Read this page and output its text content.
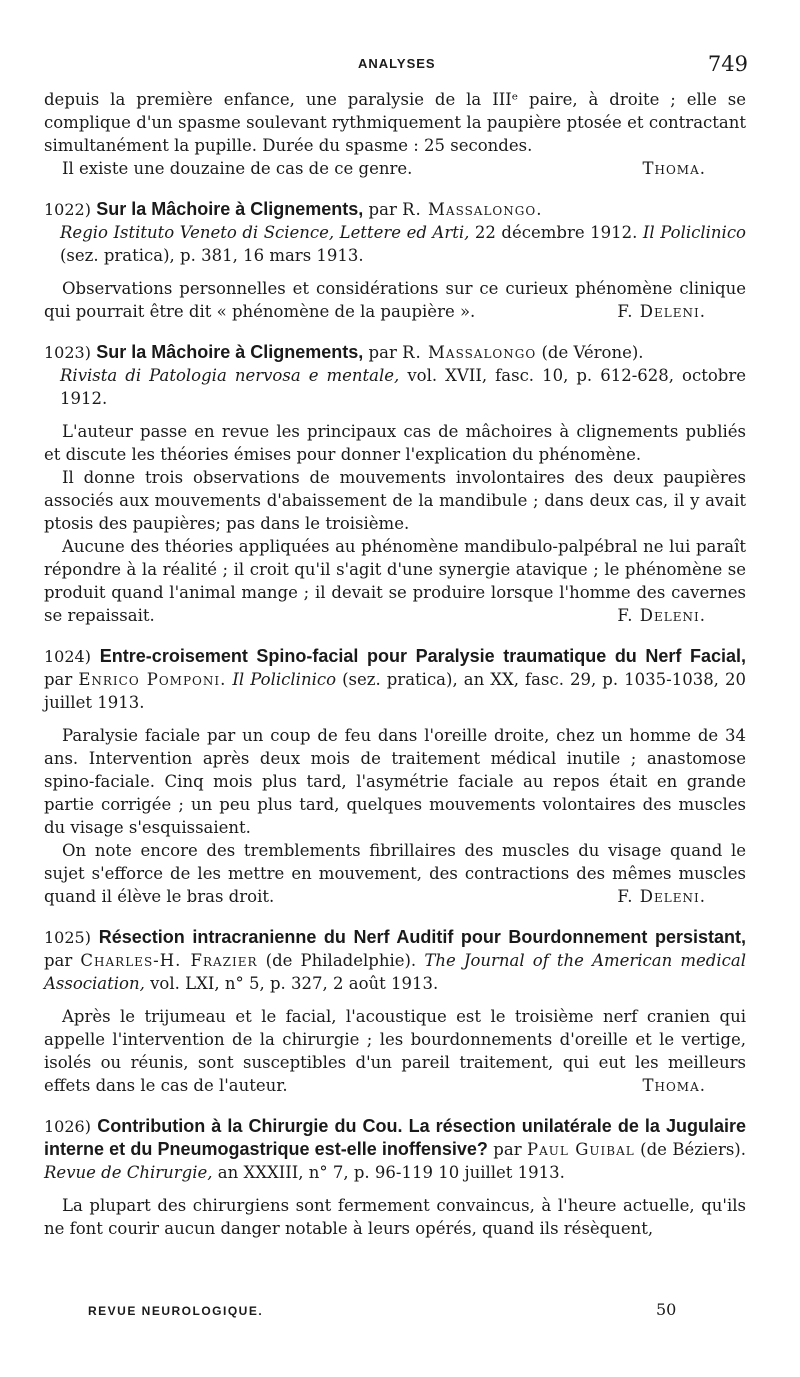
ANALYSES	749

depuis la première enfance, une paralysie de la IIIᵉ paire, à droite ; elle se complique d'un spasme soulevant rythmiquement la paupière ptosée et contractant simultanément la pupille. Durée du spasme : 25 secondes.

Il existe une douzaine de cas de ce genre.	Thoma.

1022) Sur la Mâchoire à Clignements, par R. Massalongo.
Regio Istituto Veneto di Science, Lettere ed Arti, 22 décembre 1912. Il Policlinico (sez. pratica), p. 381, 16 mars 1913.

Observations personnelles et considérations sur ce curieux phénomène clinique qui pourrait être dit « phénomène de la paupière ».	F. Deleni.

1023) Sur la Mâchoire à Clignements, par R. Massalongo (de Vérone).
Rivista di Patologia nervosa e mentale, vol. XVII, fasc. 10, p. 612-628, octobre 1912.

L'auteur passe en revue les principaux cas de mâchoires à clignements publiés et discute les théories émises pour donner l'explication du phénomène.

Il donne trois observations de mouvements involontaires des deux paupières associés aux mouvements d'abaissement de la mandibule ; dans deux cas, il y avait ptosis des paupières; pas dans le troisième.

Aucune des théories appliquées au phénomène mandibulo-palpébral ne lui paraît répondre à la réalité ; il croit qu'il s'agit d'une synergie atavique ; le phénomène se produit quand l'animal mange ; il devait se produire lorsque l'homme des cavernes se repaissait.	F. Deleni.

1024) Entre-croisement Spino-facial pour Paralysie traumatique du Nerf Facial, par Enrico Pomponi. Il Policlinico (sez. pratica), an XX, fasc. 29, p. 1035-1038, 20 juillet 1913.

Paralysie faciale par un coup de feu dans l'oreille droite, chez un homme de 34 ans. Intervention après deux mois de traitement médical inutile ; anastomose spino-faciale. Cinq mois plus tard, l'asymétrie faciale au repos était en grande partie corrigée ; un peu plus tard, quelques mouvements volontaires des muscles du visage s'esquissaient.

On note encore des tremblements fibrillaires des muscles du visage quand le sujet s'efforce de les mettre en mouvement, des contractions des mêmes muscles quand il élève le bras droit.	F. Deleni.

1025) Résection intracranienne du Nerf Auditif pour Bourdonnement persistant, par Charles-H. Frazier (de Philadelphie). The Journal of the American medical Association, vol. LXI, n° 5, p. 327, 2 août 1913.

Après le trijumeau et le facial, l'acoustique est le troisième nerf cranien qui appelle l'intervention de la chirurgie ; les bourdonnements d'oreille et le vertige, isolés ou réunis, sont susceptibles d'un pareil traitement, qui eut les meilleurs effets dans le cas de l'auteur.	Thoma.

1026) Contribution à la Chirurgie du Cou. La résection unilatérale de la Jugulaire interne et du Pneumogastrique est-elle inoffensive? par Paul Guibal (de Béziers). Revue de Chirurgie, an XXXIII, n° 7, p. 96-119 10 juillet 1913.

La plupart des chirurgiens sont fermement convaincus, à l'heure actuelle, qu'ils ne font courir aucun danger notable à leurs opérés, quand ils résèquent,

REVUE NEUROLOGIQUE.	50
